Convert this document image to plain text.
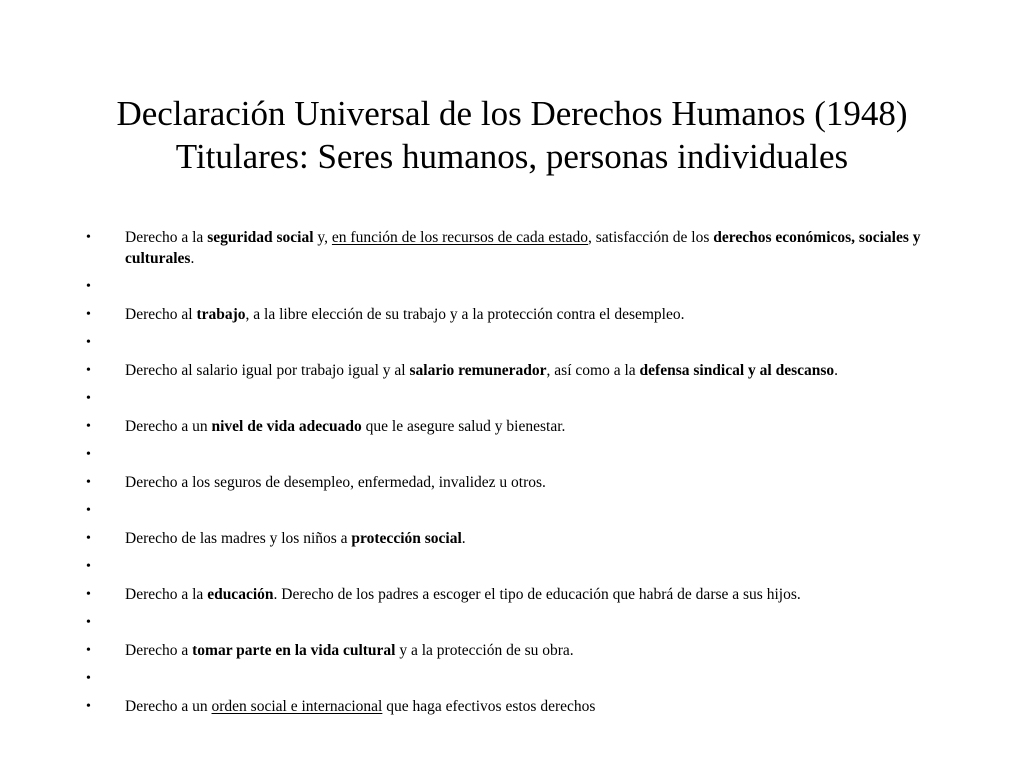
Declaración Universal de los Derechos Humanos (1948)
Titulares: Seres humanos, personas individuales
•	Derecho a la seguridad social y, en función de los recursos de cada estado, satisfacción de los derechos económicos, sociales y culturales.
•
•	Derecho al trabajo, a la libre elección de su trabajo y a la protección contra el desempleo.
•
•	Derecho al salario igual por trabajo igual y al salario remunerador, así como a la defensa sindical y al descanso.
•
•	Derecho a un nivel de vida adecuado que le asegure salud y bienestar.
•
•	Derecho a los seguros de desempleo, enfermedad, invalidez u otros.
•
•	Derecho de las madres y los niños a protección social.
•
•	Derecho a la educación. Derecho de los padres a escoger el tipo de educación que habrá de darse a sus hijos.
•
•	Derecho a tomar parte en la vida cultural y a la protección de su obra.
•
•	Derecho a un orden social e internacional que haga efectivos estos derechos
